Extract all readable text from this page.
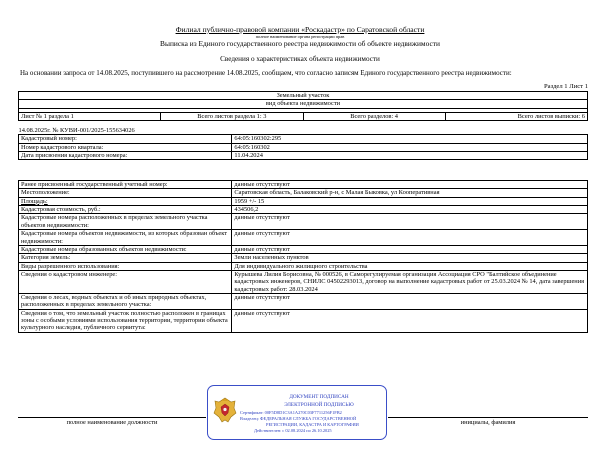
Филиал публично-правовой компании «Роскадастр» по Саратовской области
полное наименование органа регистрации прав
Выписка из Единого государственного реестра недвижимости об объекте недвижимости
Сведения о характеристиках объекта недвижимости
На основании запроса от 14.08.2025, поступившего на рассмотрение 14.08.2025, сообщаем, что согласно записям Единого государственного реестра недвижимости:
Раздел 1 Лист 1
Земельный участок
вид объекта недвижимости

Лист № 1 раздела 1	Всего листов раздела 1: 3	Всего разделов: 4	Всего листов выписки: 6
14.08.2025г. № КУВИ-001/2025-155634026	
Кадастровый номер:	64:05:160302:295
Номер кадастрового квартала:	64:05:160302
Дата присвоения кадастрового номера:	11.04.2024
Ранее присвоенный государственный учетный номер:	данные отсутствуют
Местоположение:	Саратовская область, Балаковский р-н, с Малая Быковка, ул Кооперативная
Площадь:	1959 +/- 15
Кадастровая стоимость, руб.:	434506,2
Кадастровые номера расположенных в пределах земельного участка объектов недвижимости:	данные отсутствуют
Кадастровые номера объектов недвижимости, из которых образован объект недвижимости:	данные отсутствуют
Кадастровые номера образованных объектов недвижимости:	данные отсутствуют
Категория земель:	Земли населенных пунктов
Виды разрешенного использования:	Для индивидуального жилищного строительства
Сведения о кадастровом инженере:	Курышева Лилия Борисовна, № 000526, в Саморегулируемая организация Ассоциация СРО "Балтийское объединение кадастровых инженеров, СНИЛС 04502293013, договор на выполнение кадастровых работ от 25.03.2024 № 14, дата завершения кадастровых работ: 28.03.2024
Сведения о лесах, водных объектах и об иных природных объектах, расположенных в пределах земельного участка:	данные отсутствуют
Сведения о том, что земельный участок полностью расположен в границах зоны с особыми условиями использования территории, территории объекта культурного наследия, публичного сервитута:	данные отсутствуют
полное наименование должности	инициалы, фамилия
ДОКУМЕНТ ПОДПИСАН
ЭЛЕКТРОННОЙ ПОДПИСЬЮ
Сертификат: 00F5D8D1C3A1A270C03F7711256F1FB2
Владелец: ФЕДЕРАЛЬНАЯ СЛУЖБА ГОСУДАРСТВЕННОЙ
РЕГИСТРАЦИИ, КАДАСТРА И КАРТОГРАФИИ
Действителен: с 02.08.2024 по 26.10.2025
